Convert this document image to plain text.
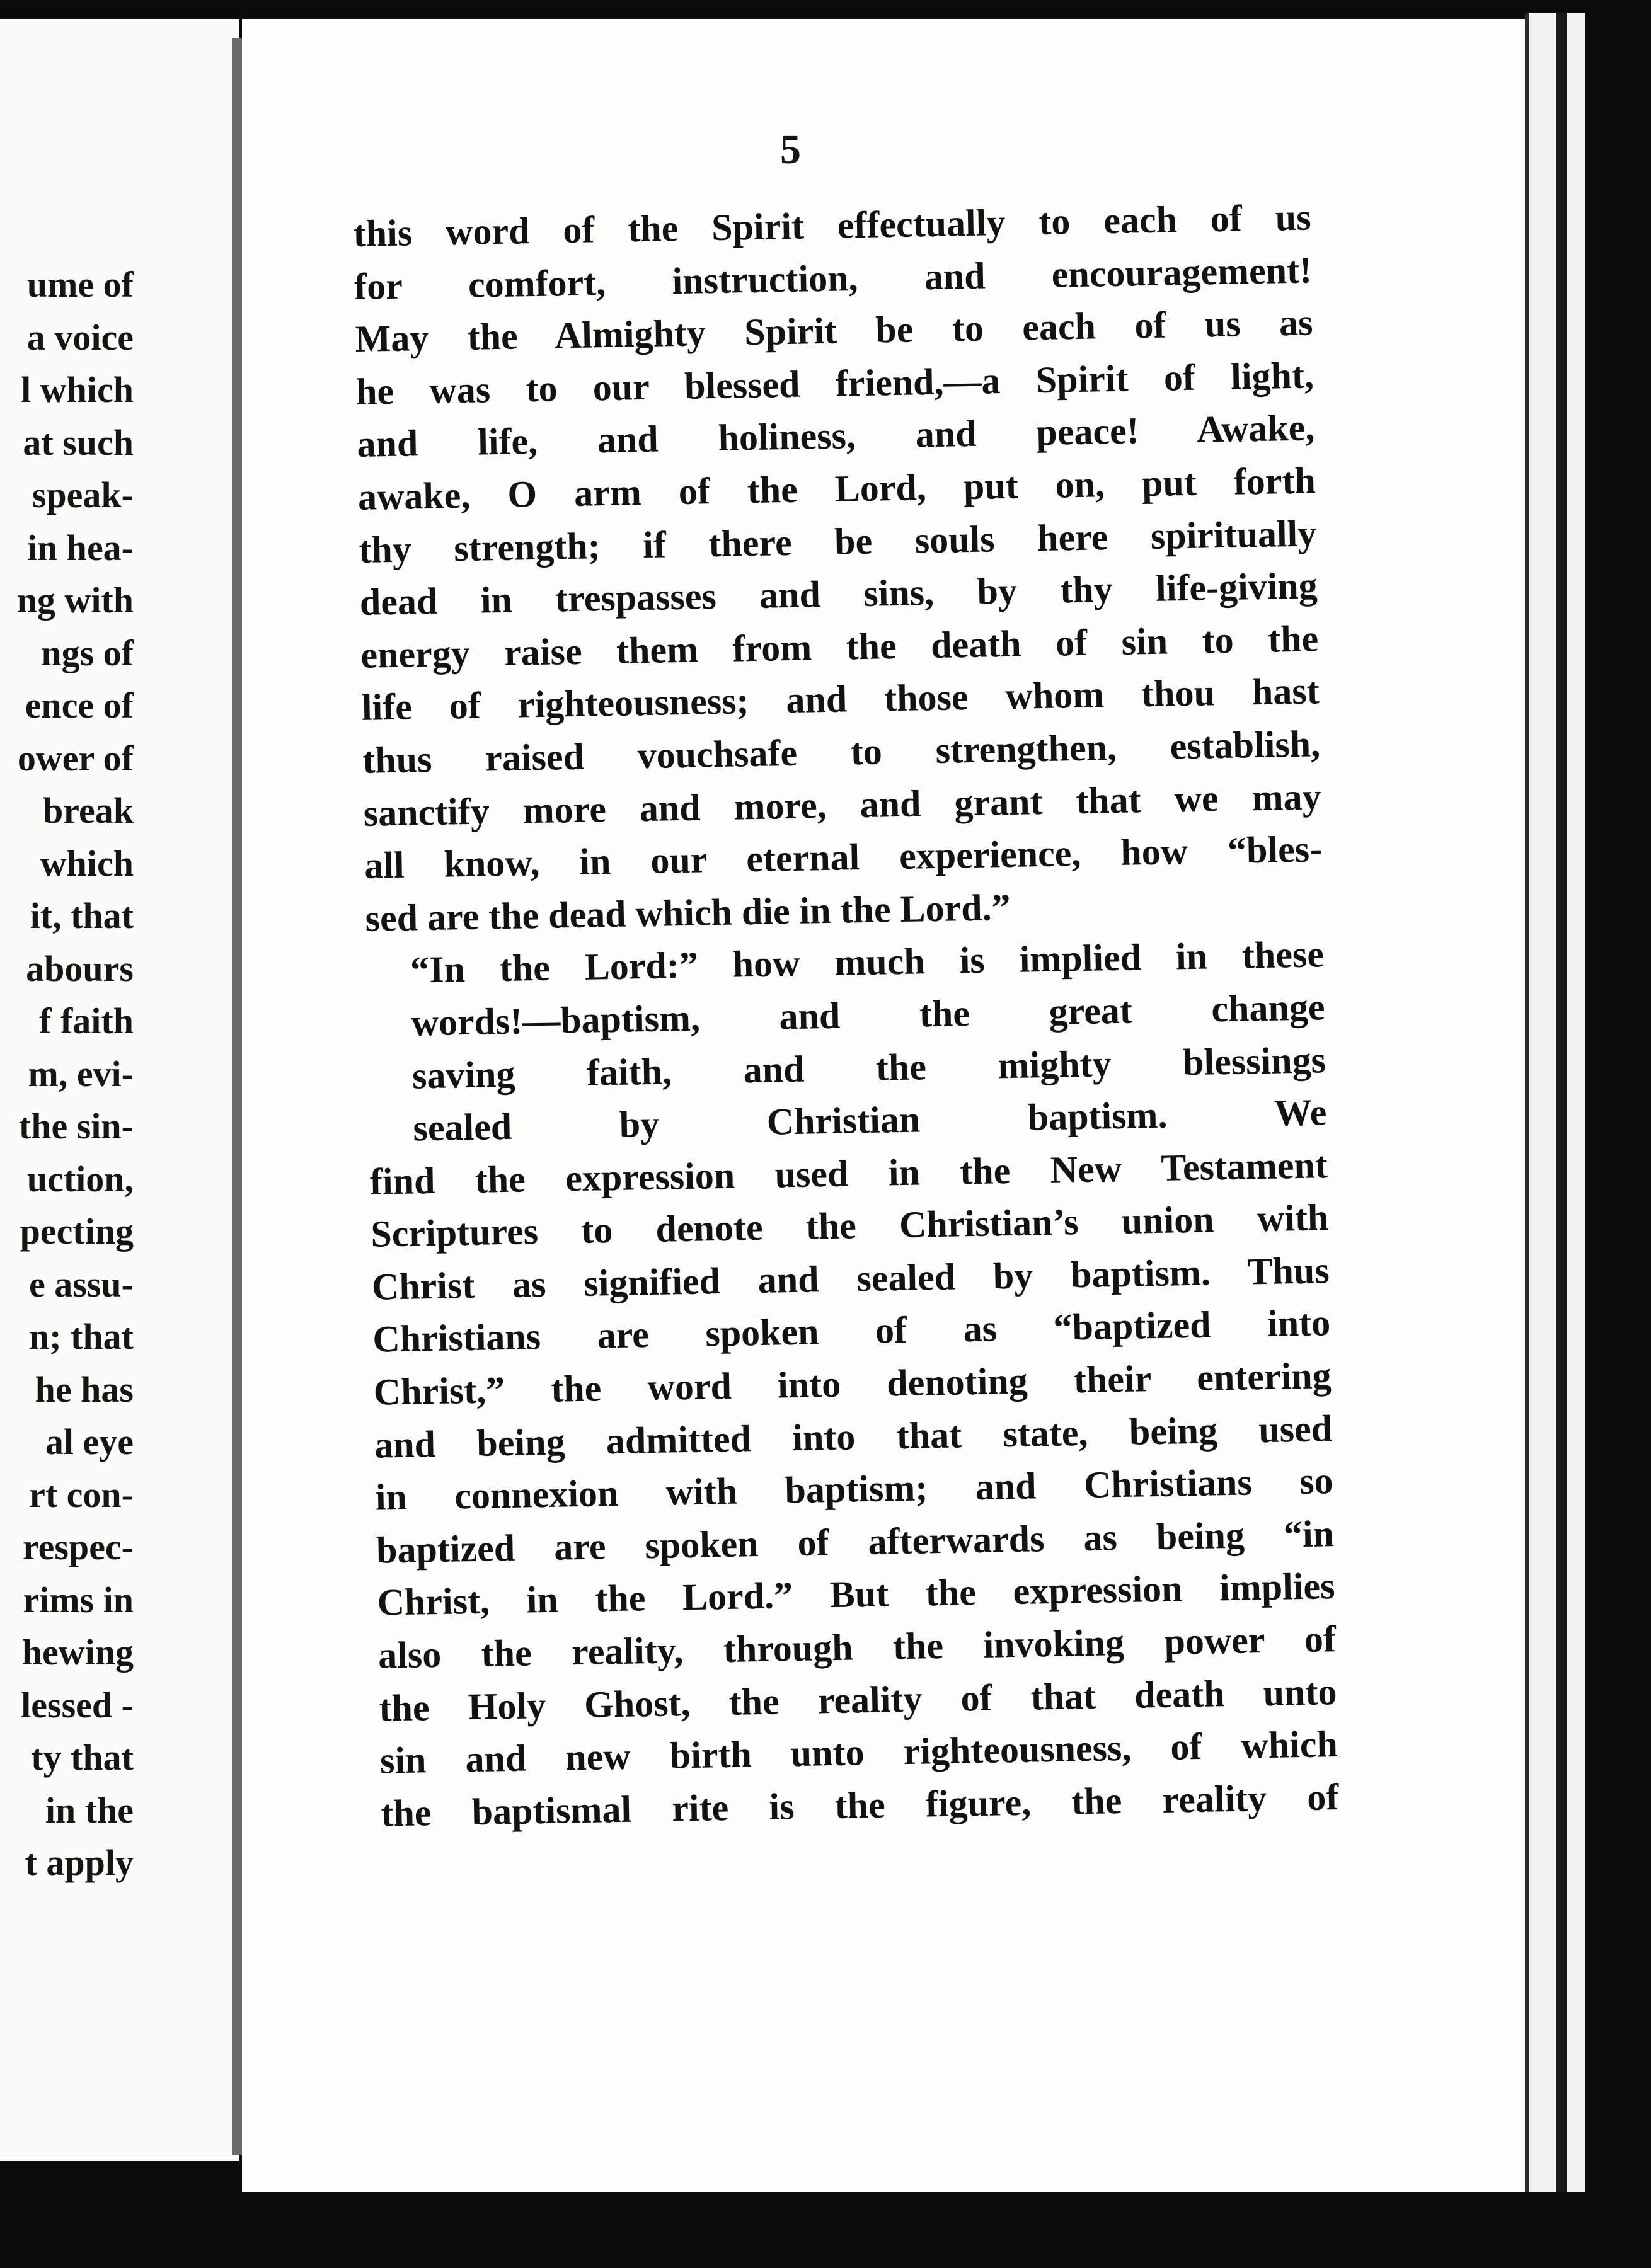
ume of
a voice
l which
at such
speak-
in hea-
ng with
ngs of
ence of
ower of
break
which
it, that
abours
f faith
m, evi-
the sin-
uction,
pecting
e assu-
n; that
he has
al eye
rt con-
respec-
rims in
hewing
lessed -
ty that
in the
t apply
5
this word of the Spirit effectually to each of us
for comfort, instruction, and encouragement!
May the Almighty Spirit be to each of us as
he was to our blessed friend,—a Spirit of light,
and life, and holiness, and peace! Awake,
awake, O arm of the Lord, put on, put forth
thy strength; if there be souls here spiritually
dead in trespasses and sins, by thy life-giving
energy raise them from the death of sin to the
life of righteousness; and those whom thou hast
thus raised vouchsafe to strengthen, establish,
sanctify more and more, and grant that we may
all know, in our eternal experience, how “bles-
sed are the dead which die in the Lord.”
“In the Lord:” how much is implied in these
words!—baptism, and the great change
saving faith, and the mighty blessings
sealed by Christian baptism. We
find the expression used in the New Testament
Scriptures to denote the Christian’s union with
Christ as signified and sealed by baptism. Thus
Christians are spoken of as “baptized into
Christ,” the word into denoting their entering
and being admitted into that state, being used
in connexion with baptism; and Christians so
baptized are spoken of afterwards as being “in
Christ, in the Lord.” But the expression implies
also the reality, through the invoking power of
the Holy Ghost, the reality of that death unto
sin and new birth unto righteousness, of which
the baptismal rite is the figure, the reality of
